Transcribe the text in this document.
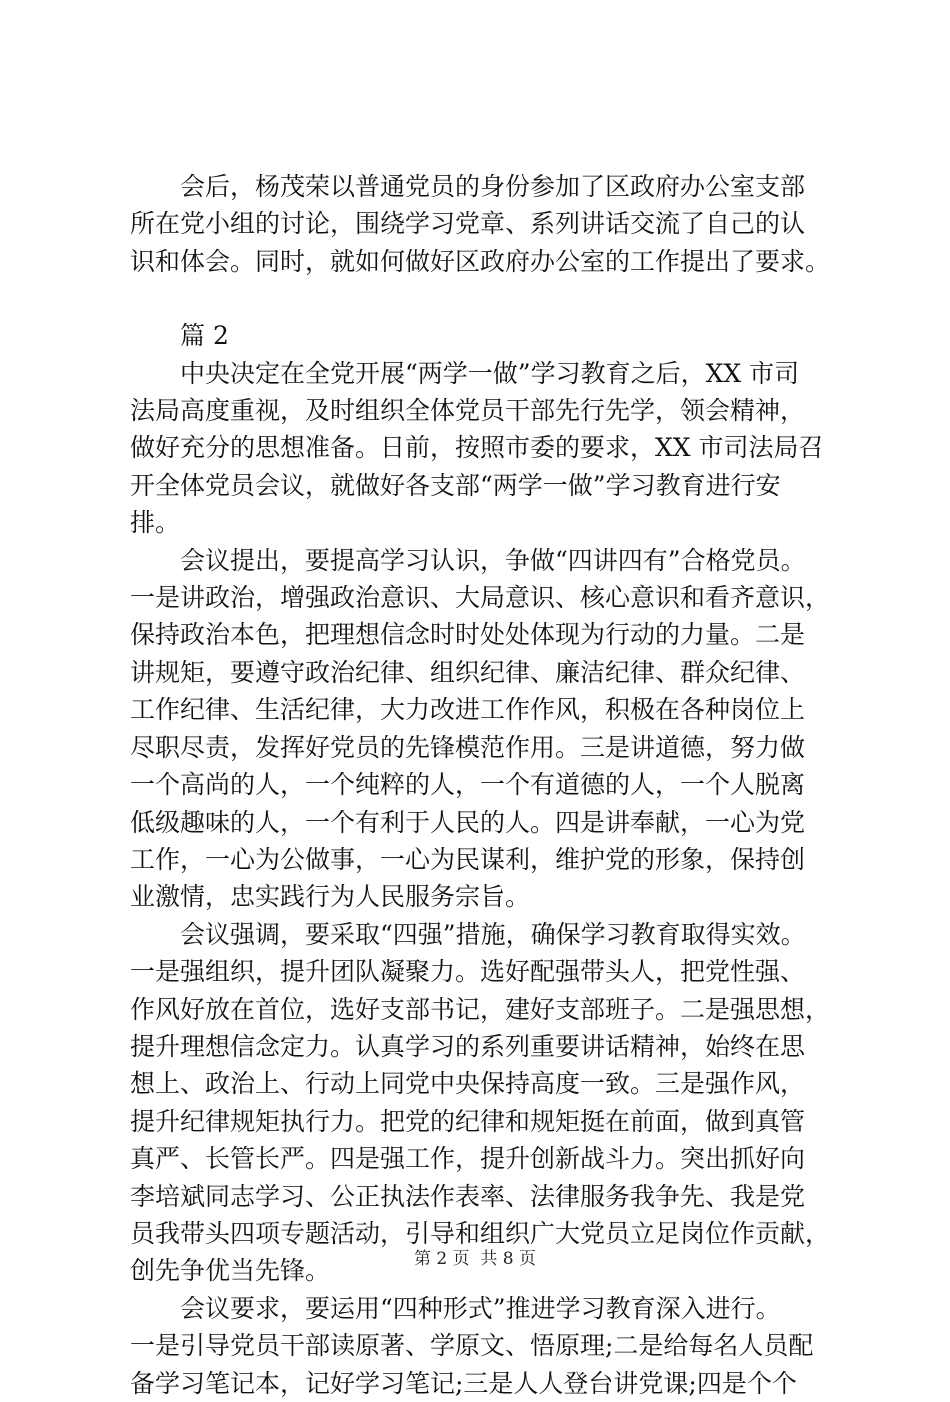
会后，杨茂荣以普通党员的身份参加了区政府办公室支部
所在党小组的讨论，围绕学习党章、系列讲话交流了自己的认
识和体会。同时，就如何做好区政府办公室的工作提出了要求。
篇 2
中央决定在全党开展“两学一做”学习教育之后，XX 市司
法局高度重视，及时组织全体党员干部先行先学，领会精神，
做好充分的思想准备。日前，按照市委的要求，XX 市司法局召
开全体党员会议，就做好各支部“两学一做”学习教育进行安
排。
会议提出，要提高学习认识，争做“四讲四有”合格党员。
一是讲政治，增强政治意识、大局意识、核心意识和看齐意识，
保持政治本色，把理想信念时时处处体现为行动的力量。二是
讲规矩，要遵守政治纪律、组织纪律、廉洁纪律、群众纪律、
工作纪律、生活纪律，大力改进工作作风，积极在各种岗位上
尽职尽责，发挥好党员的先锋模范作用。三是讲道德，努力做
一个高尚的人，一个纯粹的人，一个有道德的人，一个人脱离
低级趣味的人，一个有利于人民的人。四是讲奉献，一心为党
工作，一心为公做事，一心为民谋利，维护党的形象，保持创
业激情，忠实践行为人民服务宗旨。
会议强调，要采取“四强”措施，确保学习教育取得实效。
一是强组织，提升团队凝聚力。选好配强带头人，把党性强、
作风好放在首位，选好支部书记，建好支部班子。二是强思想，
提升理想信念定力。认真学习的系列重要讲话精神，始终在思
想上、政治上、行动上同党中央保持高度一致。三是强作风，
提升纪律规矩执行力。把党的纪律和规矩挺在前面，做到真管
真严、长管长严。四是强工作，提升创新战斗力。突出抓好向
李培斌同志学习、公正执法作表率、法律服务我争先、我是党
员我带头四项专题活动，引导和组织广大党员立足岗位作贡献，
创先争优当先锋。
会议要求，要运用“四种形式”推进学习教育深入进行。
一是引导党员干部读原著、学原文、悟原理;二是给每名人员配
备学习笔记本，记好学习笔记;三是人人登台讲党课;四是个个
第 2 页  共 8 页
